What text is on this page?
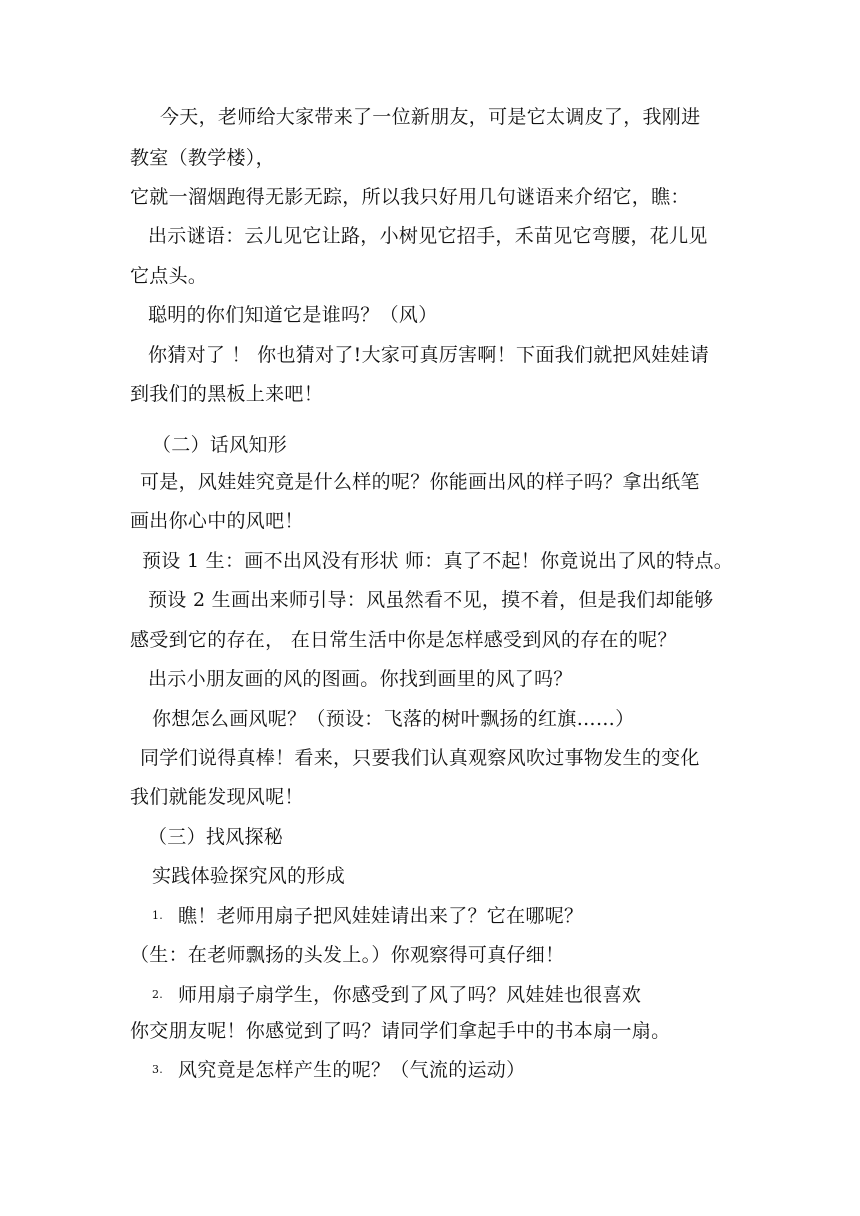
今天，老师给大家带来了一位新朋友，可是它太调皮了，我刚进
教室（教学楼），
它就一溜烟跑得无影无踪，所以我只好用几句谜语来介绍它，瞧：
出示谜语：云儿见它让路，小树见它招手，禾苗见它弯腰，花儿见
它点头。
聪明的你们知道它是谁吗？（风）
你猜对了 ！ 你也猜对了!大家可真厉害啊！下面我们就把风娃娃请
到我们的黑板上来吧！
（二）话风知形
可是，风娃娃究竟是什么样的呢？你能画出风的样子吗？拿出纸笔
画出你心中的风吧！
预设 1 生：画不出风没有形状 师：真了不起！你竟说出了风的特点。
预设 2 生画出来师引导：风虽然看不见，摸不着，但是我们却能够
感受到它的存在， 在日常生活中你是怎样感受到风的存在的呢？
出示小朋友画的风的图画。你找到画里的风了吗？
你想怎么画风呢？（预设：飞落的树叶飘扬的红旗……）
同学们说得真棒！看来，只要我们认真观察风吹过事物发生的变化
我们就能发现风呢！
（三）找风探秘
实践体验探究风的形成
1. 瞧！老师用扇子把风娃娃请出来了？它在哪呢？
（生：在老师飘扬的头发上。）你观察得可真仔细！
2. 师用扇子扇学生，你感受到了风了吗？风娃娃也很喜欢
你交朋友呢！你感觉到了吗？请同学们拿起手中的书本扇一扇。
3. 风究竟是怎样产生的呢？（气流的运动）
